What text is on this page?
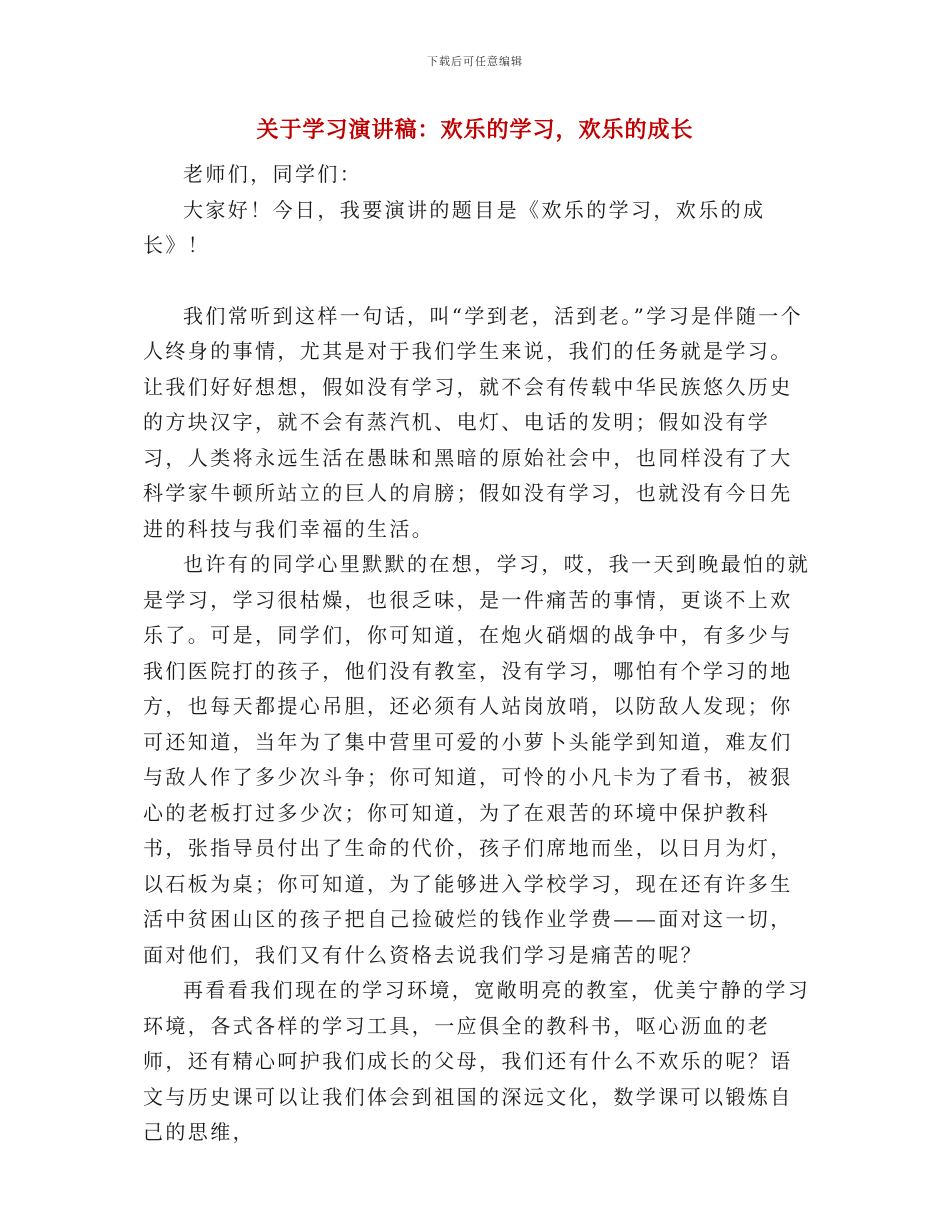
下载后可任意编辑
关于学习演讲稿：欢乐的学习，欢乐的成长

老师们，同学们：

大家好！今日，我要演讲的题目是《欢乐的学习，欢乐的成长》！

我们常听到这样一句话，叫“学到老，活到老。”学习是伴随一个人终身的事情，尤其是对于我们学生来说，我们的任务就是学习。让我们好好想想，假如没有学习，就不会有传载中华民族悠久历史的方块汉字，就不会有蒸汽机、电灯、电话的发明；假如没有学习，人类将永远生活在愚昧和黑暗的原始社会中，也同样没有了大科学家牛顿所站立的巨人的肩膀；假如没有学习，也就没有今日先进的科技与我们幸福的生活。

也许有的同学心里默默的在想，学习，哎，我一天到晚最怕的就是学习，学习很枯燥，也很乏味，是一件痛苦的事情，更谈不上欢乐了。可是，同学们，你可知道，在炮火硝烟的战争中，有多少与我们医院打的孩子，他们没有教室，没有学习，哪怕有个学习的地方，也每天都提心吊胆，还必须有人站岗放哨，以防敌人发现；你可还知道，当年为了集中营里可爱的小萝卜头能学到知道，难友们与敌人作了多少次斗争；你可知道，可怜的小凡卡为了看书，被狠心的老板打过多少次；你可知道，为了在艰苦的环境中保护教科书，张指导员付出了生命的代价，孩子们席地而坐，以日月为灯，以石板为桌；你可知道，为了能够进入学校学习，现在还有许多生活中贫困山区的孩子把自己捡破烂的钱作业学费——面对这一切，面对他们，我们又有什么资格去说我们学习是痛苦的呢？

再看看我们现在的学习环境，宽敞明亮的教室，优美宁静的学习环境，各式各样的学习工具，一应俱全的教科书，呕心沥血的老师，还有精心呵护我们成长的父母，我们还有什么不欢乐的呢？语文与历史课可以让我们体会到祖国的深远文化，数学课可以锻炼自己的思维，
